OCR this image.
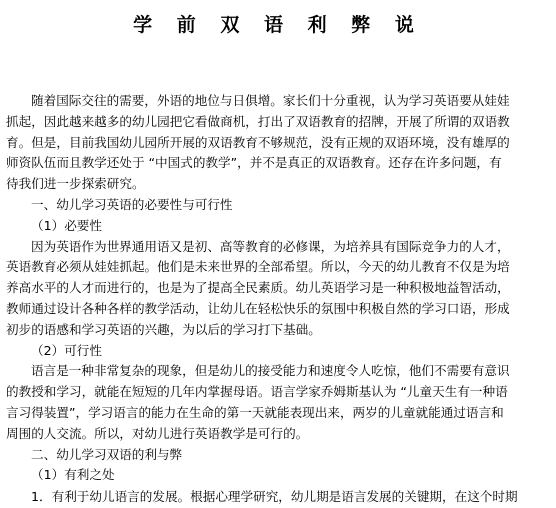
学 前 双 语 利 弊 说
随着国际交往的需要，外语的地位与日俱增。家长们十分重视，认为学习英语要从娃娃
抓起，因此越来越多的幼儿园把它看做商机，打出了双语教育的招牌，开展了所谓的双语教
育。但是，目前我国幼儿园所开展的双语教育不够规范，没有正规的双语环境，没有雄厚的
师资队伍而且教学还处于 “中国式的教学”，并不是真正的双语教育。还存在许多问题，有
待我们进一步探索研究。
一、幼儿学习英语的必要性与可行性
（1）必要性
因为英语作为世界通用语又是初、高等教育的必修课，为培养具有国际竞争力的人才，
英语教育必须从娃娃抓起。他们是未来世界的全部希望。所以，今天的幼儿教育不仅是为培
养高水平的人才而进行的，也是为了提高全民素质。幼儿英语学习是一种积极地益智活动，
教师通过设计各种各样的教学活动，让幼儿在轻松快乐的氛围中积极自然的学习口语，形成
初步的语感和学习英语的兴趣，为以后的学习打下基础。
（2）可行性
语言是一种非常复杂的现象，但是幼儿的接受能力和速度令人吃惊，他们不需要有意识
的教授和学习，就能在短短的几年内掌握母语。语言学家乔姆斯基认为 “儿童天生有一种语
言习得装置”，学习语言的能力在生命的第一天就能表现出来，两岁的儿童就能通过语言和
周围的人交流。所以，对幼儿进行英语教学是可行的。
二、幼儿学习双语的利与弊
（1）有利之处
1．有利于幼儿语言的发展。根据心理学研究，幼儿期是语言发展的关键期，在这个时期
